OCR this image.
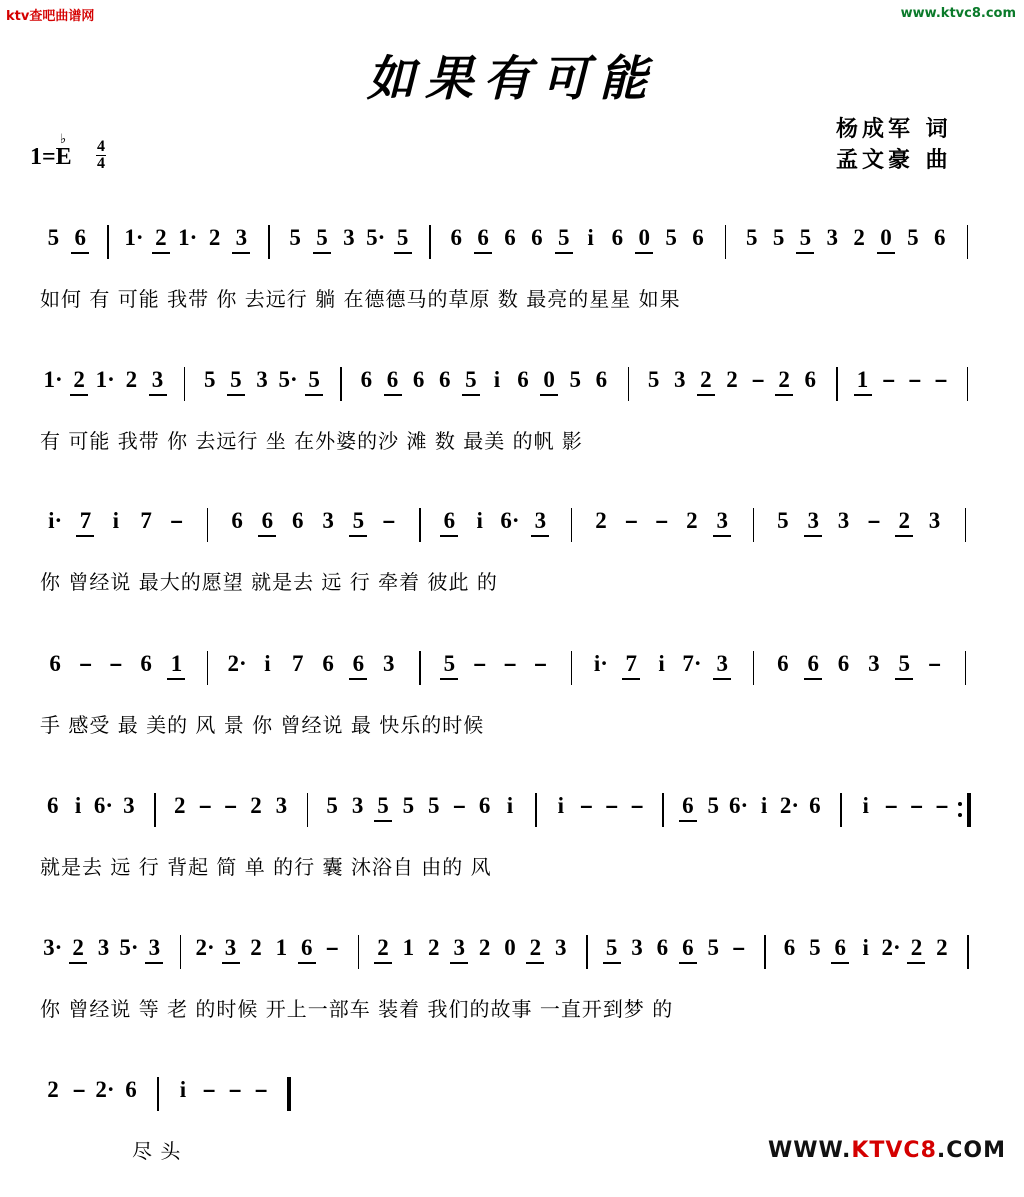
ktv查吧曲谱网	www.ktvc8.com
如果有可能
杨成军 词
孟文豪 曲
♭
1=E 4
4
5 6 1· 2 1· 2 3 5 5 3 5· 5 6 6 6 6 5 i 6 0 5 6 5 5 5 3 2 0 5 6
如何 有 可能 我带 你 去远行 躺 在德德马的草原 数 最亮的星星 如果
1· 2 1· 2 3 5 5 3 5· 5 6 6 6 6 5 i 6 0 5 6 5 3 2 2 – 2 6 1 – – –
有 可能 我带 你 去远行 坐 在外婆的沙 滩 数 最美 的帆 影
i· 7 i 7 – 6 6 6 3 5 – 6 i 6· 3 2 – – 2 3 5 3 3 – 2 3
你 曾经说 最大的愿望 就是去 远 行 牵着 彼此 的
6 – – 6 1 2· i 7 6 6 3 5 – – – i· 7 i 7· 3 6 6 6 3 5 –
手 感受 最 美的 风 景 你 曾经说 最 快乐的时候
6 i 6· 3 2 – – 2 3 5 3 5 5 5 – 6 i i – – – 6 5 6· i 2· 6 i – – –
就是去 远 行 背起 简 单 的行 囊 沐浴自 由的 风
3· 2 3 5· 3 2· 3 2 1 6 – 2 1 2 3 2 0 2 3 5 3 6 6 5 – 6 5 6 i 2· 2 2
你 曾经说 等 老 的时候 开上一部车 装着 我们的故事 一直开到梦 的
2 – 2· 6 i – – –
尽 头	WWW.KTVC8.COM
